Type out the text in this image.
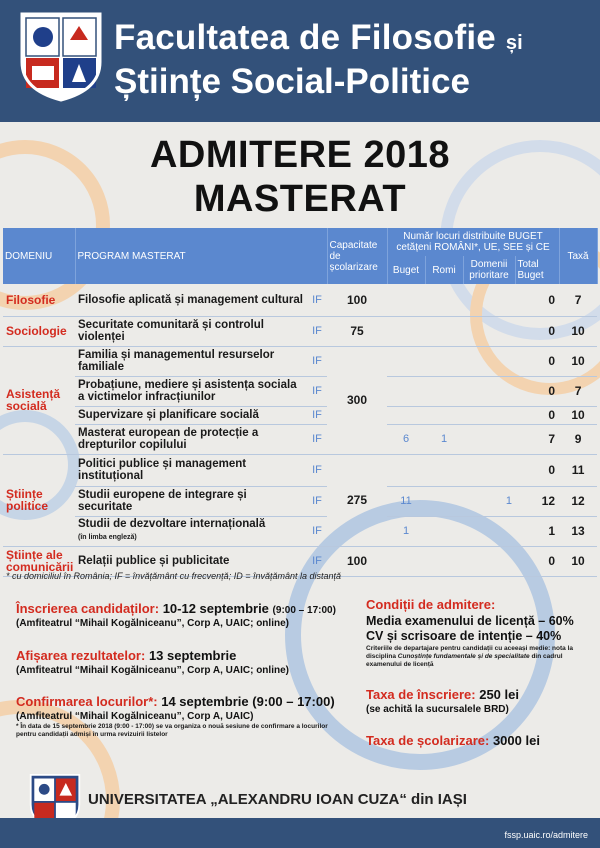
Facultatea de Filosofie și
Științe Social-Politice
ADMITERE 2018
MASTERAT
DOMENIU	PROGRAM MASTERAT		Capacitate de școlarizare	Număr locuri distribuite BUGET cetățeni ROMÂNI*, UE, SEE și CE				Taxă
				Buget	Romi	Domenii prioritare	Total Buget	
Filosofie	Filosofie aplicată și management cultural	IF	100				0	7
Sociologie	Securitate comunitară și controlul violenței	IF	75				0	10
Asistență socială	Familia și managementul resurselor familiale	IF	300				0	10
	Probațiune, mediere și asistența sociala a victimelor infracțiunilor	IF					0	7
	Supervizare și planificare socială	IF					0	10
	Masterat european de protecție a drepturilor copilului	IF		6	1		7	9
Științe politice	Politici publice și management instituțional	IF	275				0	11
	Studii europene de integrare și securitate	IF		11		1	12	12
	Studii de dezvoltare internațională
(în limba engleză)	IF		1			1	13
Științe ale comunicării	Relații publice și publicitate	IF	100				0	10
* cu domiciliul în România; IF = învățământ cu frecvență; ID = învățământ la distanță
Înscrierea candidaților: 10-12 septembrie (9:00 – 17:00)
(Amfiteatrul “Mihail Kogălniceanu”, Corp A, UAIC; online)
Afișarea rezultatelor: 13 septembrie
(Amfiteatrul “Mihail Kogălniceanu”, Corp A, UAIC; online)
Confirmarea locurilor*: 14 septembrie (9:00 – 17:00)
(Amfiteatrul “Mihail Kogălniceanu”, Corp A, UAIC)
* În data de 15 septembrie 2018 (9:00 - 17:00) se va organiza o nouă sesiune de confirmare a locurilor pentru candidații admiși în urma revizuirii listelor
Condiții de admitere:
Media examenului de licență – 60%
CV și scrisoare de intenție – 40%
Criteriile de departajare pentru candidații cu aceeași medie: nota la disciplina Cunoștințe fundamentale și de specialitate din cadrul examenului de licență
Taxa de înscriere: 250 lei
(se achită la sucursalele BRD)
Taxa de școlarizare: 3000 lei
UNIVERSITATEA „ALEXANDRU IOAN CUZA“ din IAȘI
fssp.uaic.ro/admitere
